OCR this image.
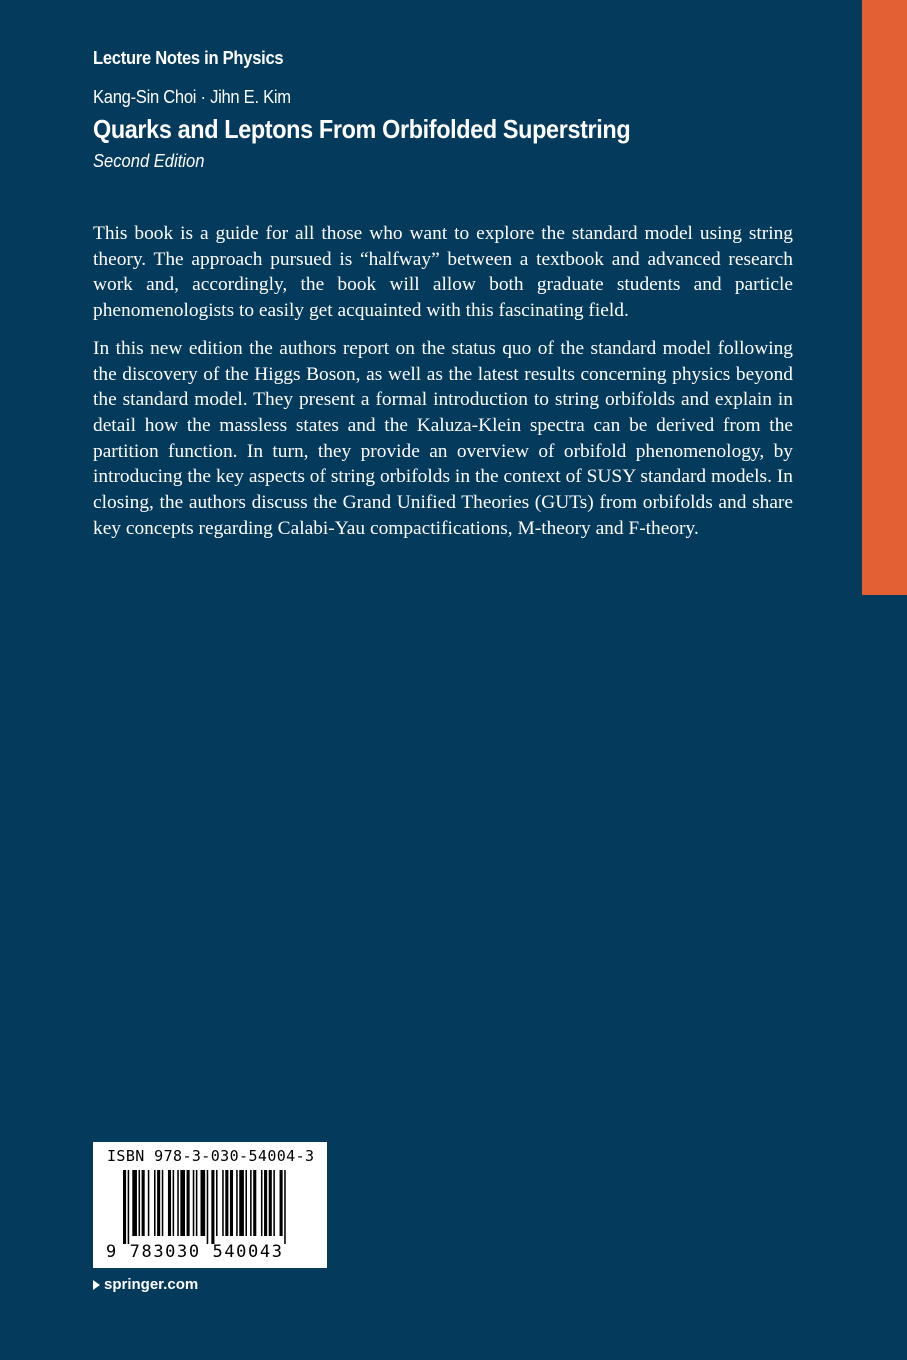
Lecture Notes in Physics
Kang-Sin Choi · Jihn E. Kim
Quarks and Leptons From Orbifolded Superstring
Second Edition

This book is a guide for all those who want to explore the standard model using string theory. The approach pursued is “halfway” between a textbook and advanced research work and, accordingly, the book will allow both graduate students and particle phenomenologists to easily get acquainted with this fascinating field.

In this new edition the authors report on the status quo of the standard model following the discovery of the Higgs Boson, as well as the latest results concerning physics beyond the standard model. They present a formal introduction to string orbifolds and explain in detail how the massless states and the Kaluza-Klein spectra can be derived from the partition function. In turn, they provide an overview of orbifold phenomenology, by introducing the key aspects of string orbifolds in the context of SUSY standard models. In closing, the authors discuss the Grand Unified Theories (GUTs) from orbifolds and share key concepts regarding Calabi-Yau compactifications, M-theory and F-theory.

ISBN 978-3-030-54004-3
9 783030 540043
springer.com
